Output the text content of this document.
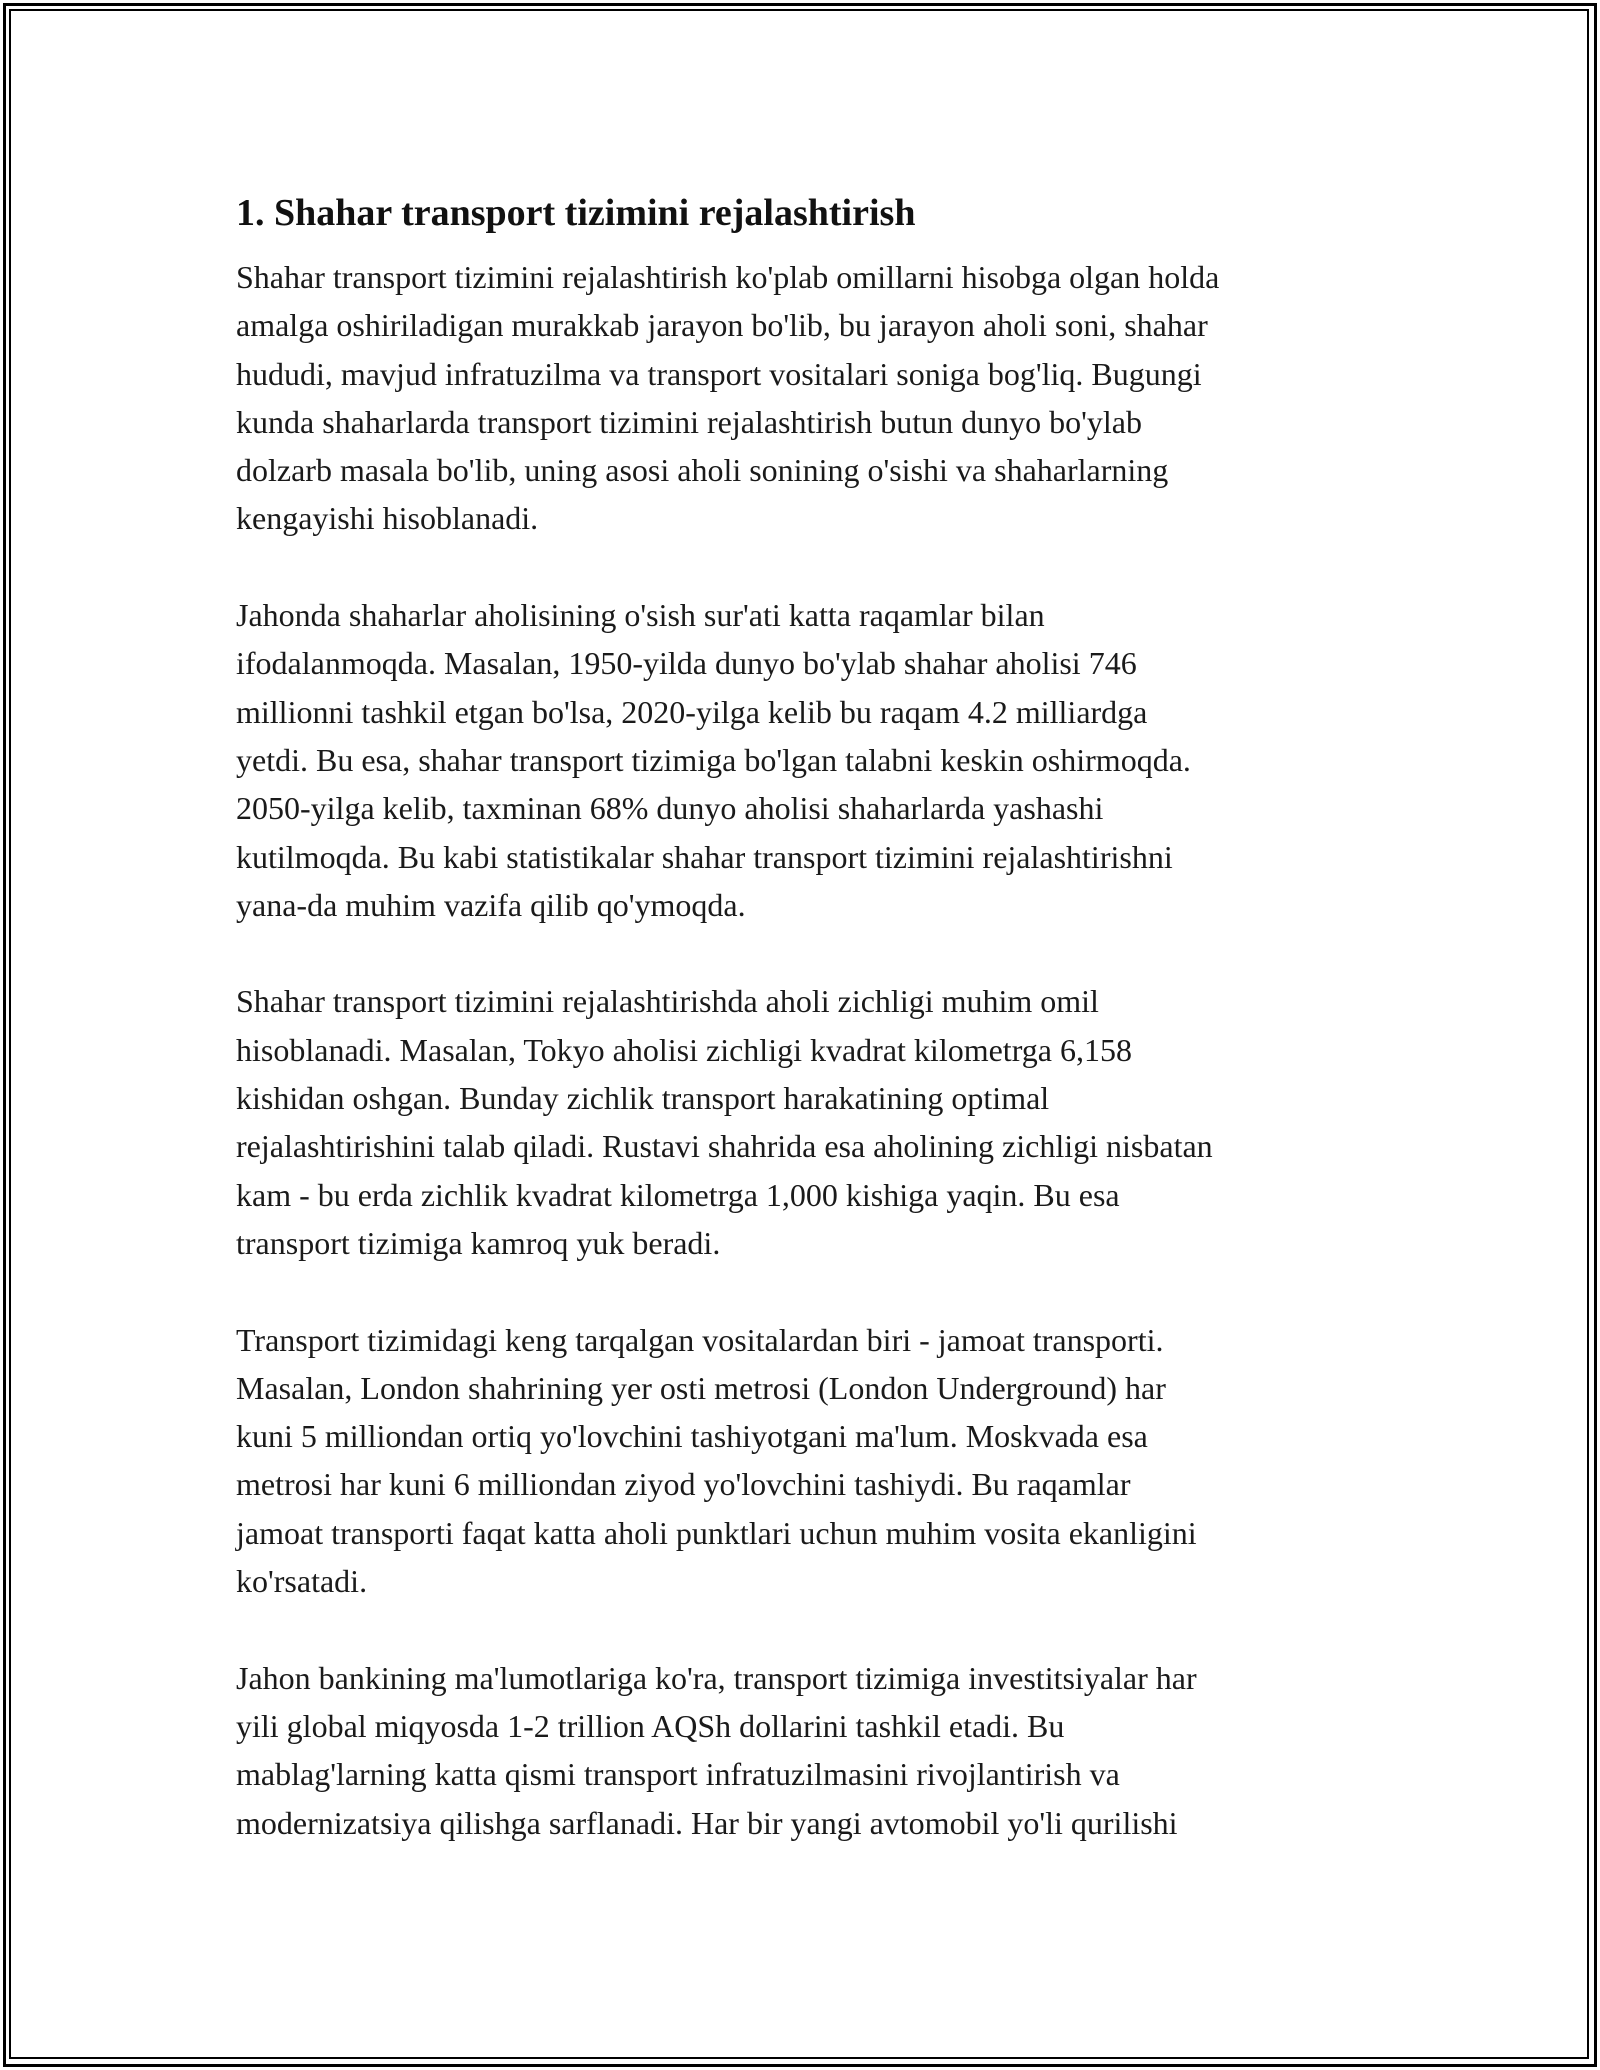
1. Shahar transport tizimini rejalashtirish

Shahar transport tizimini rejalashtirish ko'plab omillarni hisobga olgan holda
amalga oshiriladigan murakkab jarayon bo'lib, bu jarayon aholi soni, shahar
hududi, mavjud infratuzilma va transport vositalari soniga bog'liq. Bugungi
kunda shaharlarda transport tizimini rejalashtirish butun dunyo bo'ylab
dolzarb masala bo'lib, uning asosi aholi sonining o'sishi va shaharlarning
kengayishi hisoblanadi.

Jahonda shaharlar aholisining o'sish sur'ati katta raqamlar bilan
ifodalanmoqda. Masalan, 1950-yilda dunyo bo'ylab shahar aholisi 746
millionni tashkil etgan bo'lsa, 2020-yilga kelib bu raqam 4.2 milliardga
yetdi. Bu esa, shahar transport tizimiga bo'lgan talabni keskin oshirmoqda.
2050-yilga kelib, taxminan 68% dunyo aholisi shaharlarda yashashi
kutilmoqda. Bu kabi statistikalar shahar transport tizimini rejalashtirishni
yana-da muhim vazifa qilib qo'ymoqda.

Shahar transport tizimini rejalashtirishda aholi zichligi muhim omil
hisoblanadi. Masalan, Tokyo aholisi zichligi kvadrat kilometrga 6,158
kishidan oshgan. Bunday zichlik transport harakatining optimal
rejalashtirishini talab qiladi. Rustavi shahrida esa aholining zichligi nisbatan
kam - bu erda zichlik kvadrat kilometrga 1,000 kishiga yaqin. Bu esa
transport tizimiga kamroq yuk beradi.

Transport tizimidagi keng tarqalgan vositalardan biri - jamoat transporti.
Masalan, London shahrining yer osti metrosi (London Underground) har
kuni 5 milliondan ortiq yo'lovchini tashiyotgani ma'lum. Moskvada esa
metrosi har kuni 6 milliondan ziyod yo'lovchini tashiydi. Bu raqamlar
jamoat transporti faqat katta aholi punktlari uchun muhim vosita ekanligini
ko'rsatadi.

Jahon bankining ma'lumotlariga ko'ra, transport tizimiga investitsiyalar har
yili global miqyosda 1-2 trillion AQSh dollarini tashkil etadi. Bu
mablag'larning katta qismi transport infratuzilmasini rivojlantirish va
modernizatsiya qilishga sarflanadi. Har bir yangi avtomobil yo'li qurilishi
